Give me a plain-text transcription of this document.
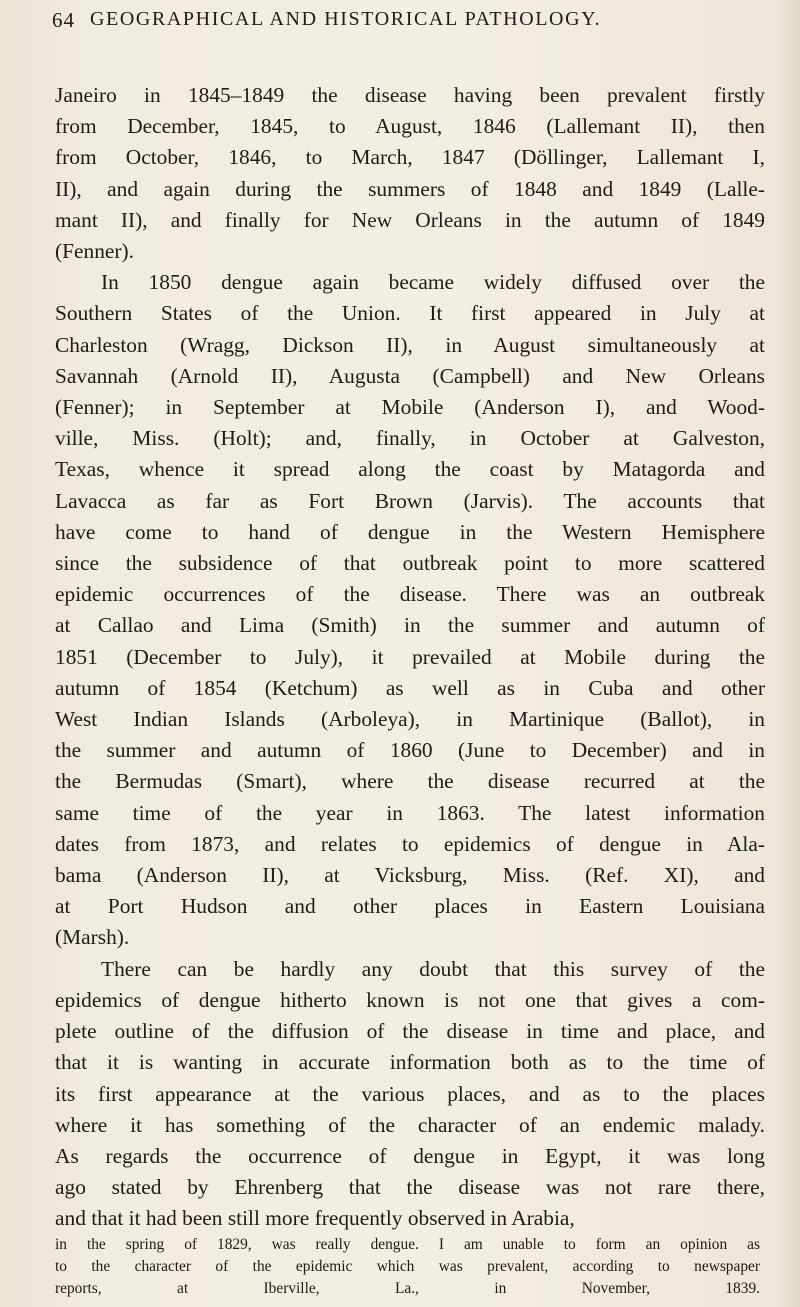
64 GEOGRAPHICAL AND HISTORICAL PATHOLOGY.
Janeiro in 1845–1849 the disease having been prevalent firstly
from December, 1845, to August, 1846 (Lallemant II), then
from October, 1846, to March, 1847 (Döllinger, Lallemant I,
II), and again during the summers of 1848 and 1849 (Lalle-
mant II), and finally for New Orleans in the autumn of 1849
(Fenner).
In 1850 dengue again became widely diffused over the
Southern States of the Union. It first appeared in July at
Charleston (Wragg, Dickson II), in August simultaneously at
Savannah (Arnold II), Augusta (Campbell) and New Orleans
(Fenner); in September at Mobile (Anderson I), and Wood-
ville, Miss. (Holt); and, finally, in October at Galveston,
Texas, whence it spread along the coast by Matagorda and
Lavacca as far as Fort Brown (Jarvis). The accounts that
have come to hand of dengue in the Western Hemisphere
since the subsidence of that outbreak point to more scattered
epidemic occurrences of the disease. There was an outbreak
at Callao and Lima (Smith) in the summer and autumn of
1851 (December to July), it prevailed at Mobile during the
autumn of 1854 (Ketchum) as well as in Cuba and other
West Indian Islands (Arboleya), in Martinique (Ballot), in
the summer and autumn of 1860 (June to December) and in
the Bermudas (Smart), where the disease recurred at the
same time of the year in 1863. The latest information
dates from 1873, and relates to epidemics of dengue in Ala-
bama (Anderson II), at Vicksburg, Miss. (Ref. XI), and
at Port Hudson and other places in Eastern Louisiana
(Marsh).
There can be hardly any doubt that this survey of the
epidemics of dengue hitherto known is not one that gives a com-
plete outline of the diffusion of the disease in time and place, and
that it is wanting in accurate information both as to the time of
its first appearance at the various places, and as to the places
where it has something of the character of an endemic malady.
As regards the occurrence of dengue in Egypt, it was long
ago stated by Ehrenberg that the disease was not rare there,
and that it had been still more frequently observed in Arabia,
in the spring of 1829, was really dengue. I am unable to form an opinion as
to the character of the epidemic which was prevalent, according to newspaper
reports, at Iberville, La., in November, 1839.
